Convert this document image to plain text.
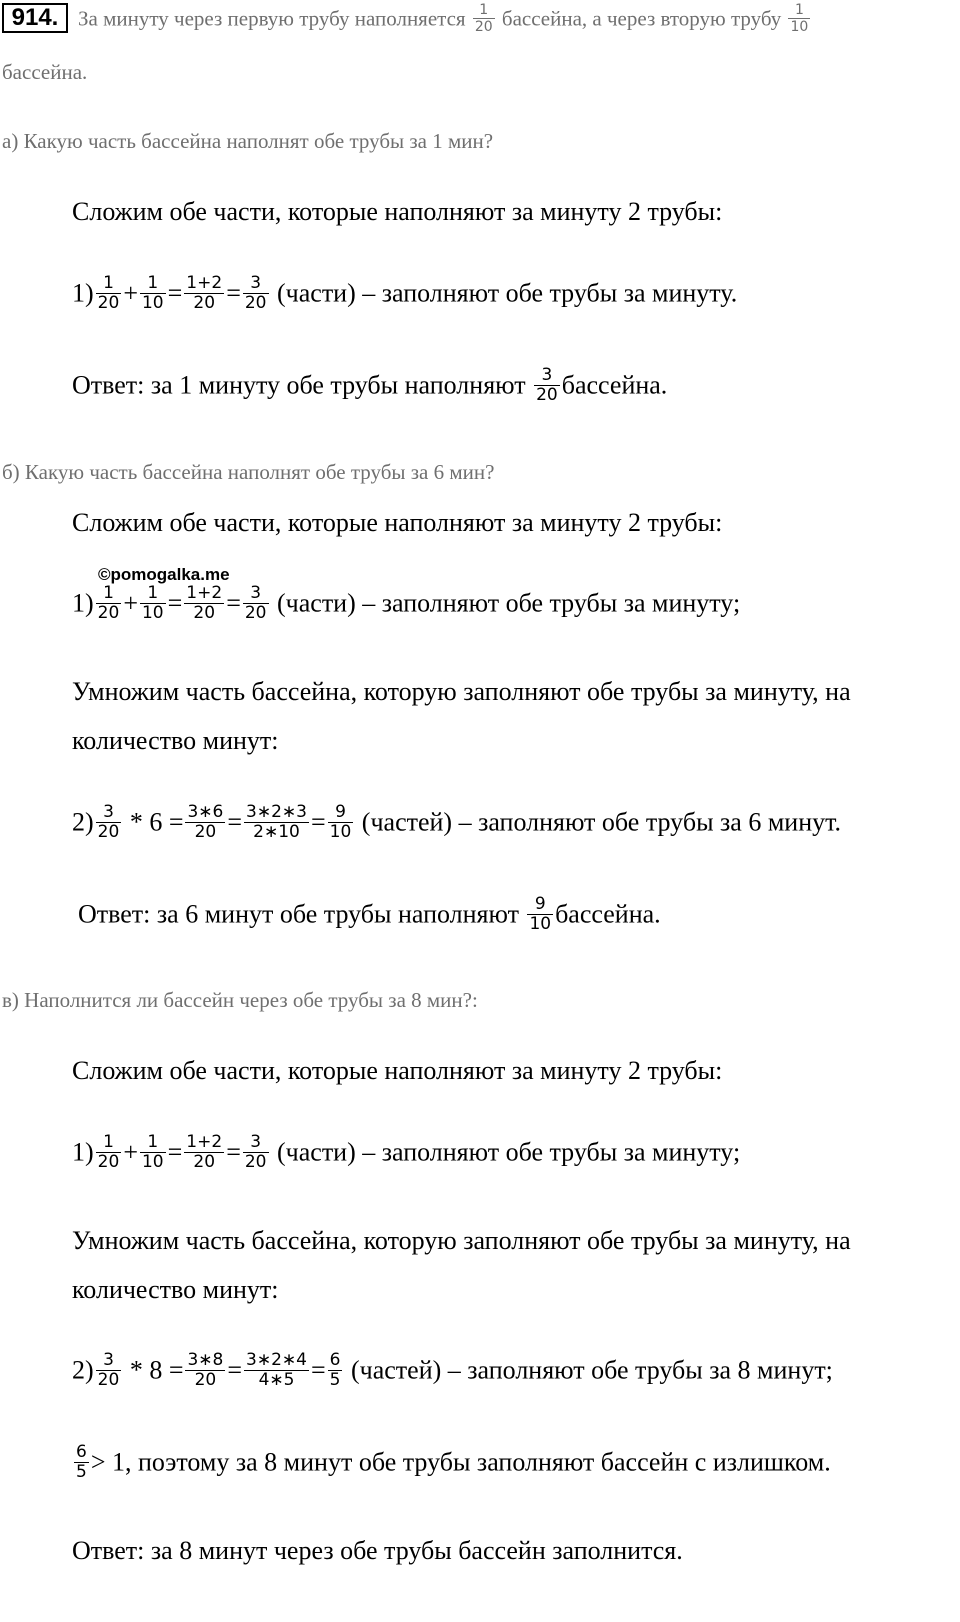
914. За минуту через первую трубу наполняется $\frac{1}{20}$ бассейна, а через вторую трубу $\frac{1}{10}$
бассейна.
а) Какую часть бассейна наполнят обе трубы за 1 мин?
Сложим обе части, которые наполняют за минуту 2 трубы:
$1) \frac{1}{20} + \frac{1}{10} = \frac{1+2}{20} = \frac{3}{20}$ (части) – заполняют обе трубы за минуту.
Ответ: за 1 минуту обе трубы наполняют $\frac{3}{20}$ бассейна.
б) Какую часть бассейна наполнят обе трубы за 6 мин?
Сложим обе части, которые наполняют за минуту 2 трубы:
©pomogalka.me
$1) \frac{1}{20} + \frac{1}{10} = \frac{1+2}{20} = \frac{3}{20}$ (части) – заполняют обе трубы за минуту;
Умножим часть бассейна, которую заполняют обе трубы за минуту, на
количество минут:
$2) \frac{3}{20} * 6 = \frac{3∗6}{20} = \frac{3∗2∗3}{2∗10} = \frac{9}{10}$ (частей) – заполняют обе трубы за 6 минут.
Ответ: за 6 минут обе трубы наполняют $\frac{9}{10}$ бассейна.
в) Наполнится ли бассейн через обе трубы за 8 мин?:
Сложим обе части, которые наполняют за минуту 2 трубы:
$1) \frac{1}{20} + \frac{1}{10} = \frac{1+2}{20} = \frac{3}{20}$ (части) – заполняют обе трубы за минуту;
Умножим часть бассейна, которую заполняют обе трубы за минуту, на
количество минут:
$2) \frac{3}{20} * 8 = \frac{3∗8}{20} = \frac{3∗2∗4}{4∗5} = \frac{6}{5}$ (частей) – заполняют обе трубы за 8 минут;
$\frac{6}{5} > 1$, поэтому за 8 минут обе трубы заполняют бассейн с излишком.
Ответ: за 8 минут через обе трубы бассейн заполнится.
